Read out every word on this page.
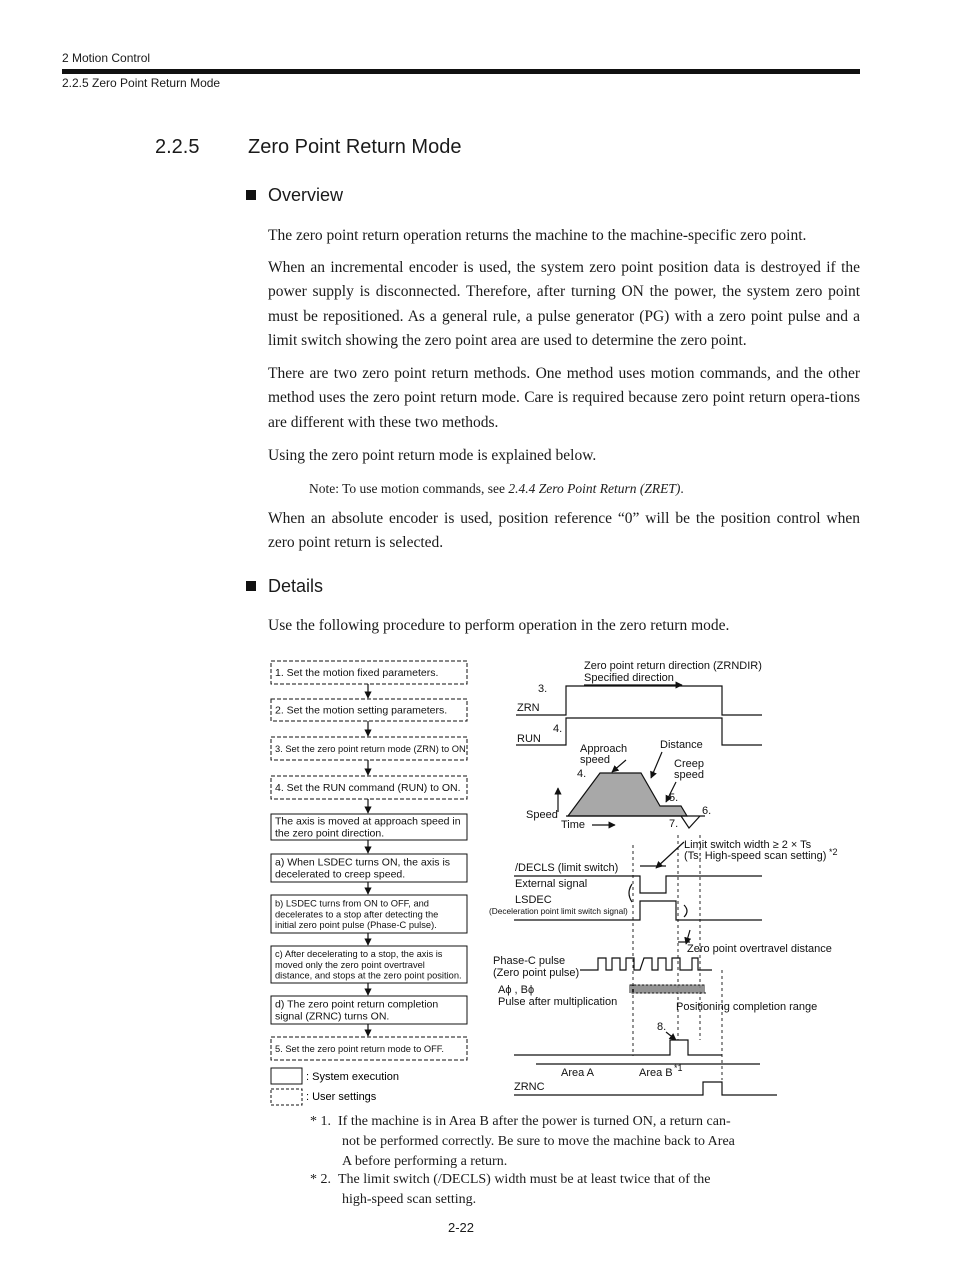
2 Motion Control
2.2.5 Zero Point Return Mode
2.2.5 Zero Point Return Mode
Overview
The zero point return operation returns the machine to the machine-specific zero point.
When an incremental encoder is used, the system zero point position data is destroyed if the power supply is disconnected. Therefore, after turning ON the power, the system zero point must be repositioned. As a general rule, a pulse generator (PG) with a zero point pulse and a limit switch showing the zero point area are used to determine the zero point.
There are two zero point return methods. One method uses motion commands, and the other method uses the zero point return mode. Care is required because zero point return opera-tions are different with these two methods.
Using the zero point return mode is explained below.
Note: To use motion commands, see 2.4.4 Zero Point Return (ZRET).
When an absolute encoder is used, position reference “0” will be the position control when zero point return is selected.
Details
Use the following procedure to perform operation in the zero return mode.
1. Set the motion fixed parameters.
2. Set the motion setting parameters.
3. Set the zero point return mode (ZRN) to ON.
4. Set the RUN command (RUN) to ON.
The axis is moved at approach speed in
the zero point direction.
a) When LSDEC turns ON, the axis is
decelerated to creep speed.
b) LSDEC turns from ON to OFF, and
decelerates to a stop after detecting the
initial zero point pulse (Phase-C pulse).
c) After decelerating to a stop, the axis is
moved only the zero point overtravel
distance, and stops at the zero point position.
d) The zero point return completion
signal (ZRNC) turns ON.
5. Set the zero point return mode to OFF.
: System execution
: User settings
Zero point return direction (ZRNDIR)
Specified direction
3.
ZRN
4.
RUN
Approach
speed
Distance
Creep
speed
4.
5.
6.
7.
Speed
Time
Limit switch width ≥ 2 × Ts
(Ts: High-speed scan setting) *2
/DECLS (limit switch)
External signal
LSDEC
(Deceleration point limit switch signal)
Zero point overtravel distance
Phase-C pulse
(Zero point pulse)
Aϕ , Bϕ
Pulse after multiplication	Positioning completion range
8.
Area A	Area B *1
ZRNC
* 1. If the machine is in Area B after the power is turned ON, a return can-
not be performed correctly. Be sure to move the machine back to Area
A before performing a return.
* 2. The limit switch (/DECLS) width must be at least twice that of the
high-speed scan setting.
2-22
